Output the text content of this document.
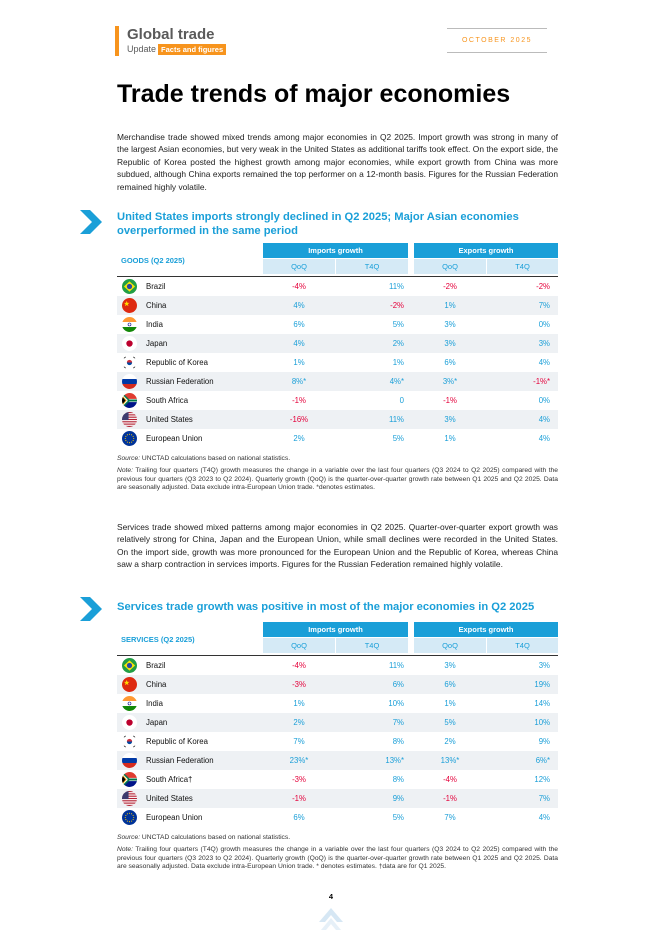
Global trade
Update Facts and figures
OCTOBER 2025
Trade trends of major economies

Merchandise trade showed mixed trends among major economies in Q2 2025. Import growth was strong in many of the largest Asian economies, but very weak in the United States as additional tariffs took effect. On the export side, the Republic of Korea posted the highest growth among major economies, while export growth from China was more subdued, although China exports remained the top performer on a 12-month basis. Figures for the Russian Federation remained highly volatile.

United States imports strongly declined in Q2 2025; Major Asian economies overperformed in the same period
GOODS (Q2 2025)
Imports growth	Exports growth
QoQ	T4Q	QoQ	T4Q
Brazil	-4%	11%	-2%	-2%
China	4%	-2%	1%	7%
India	6%	5%	3%	0%
Japan	4%	2%	3%	3%
Republic of Korea	1%	1%	6%	4%
Russian Federation	8%*	4%*	3%*	-1%*
South Africa	-1%	0	-1%	0%
United States	-16%	11%	3%	4%
European Union	2%	5%	1%	4%
Source: UNCTAD calculations based on national statistics.
Note: Trailing four quarters (T4Q) growth measures the change in a variable over the last four quarters (Q3 2024 to Q2 2025) compared with the previous four quarters (Q3 2023 to Q2 2024). Quarterly growth (QoQ) is the quarter-over-quarter growth rate between Q1 2025 and Q2 2025. Data are seasonally adjusted. Data exclude intra-European Union trade. *denotes estimates.

Services trade showed mixed patterns among major economies in Q2 2025. Quarter-over-quarter export growth was relatively strong for China, Japan and the European Union, while small declines were recorded in the United States. On the import side, growth was more pronounced for the European Union and the Republic of Korea, whereas China saw a sharp contraction in services imports. Figures for the Russian Federation remained highly volatile.

Services trade growth was positive in most of the major economies in Q2 2025
SERVICES (Q2 2025)
Imports growth	Exports growth
QoQ	T4Q	QoQ	T4Q
Brazil	-4%	11%	3%	3%
China	-3%	6%	6%	19%
India	1%	10%	1%	14%
Japan	2%	7%	5%	10%
Republic of Korea	7%	8%	2%	9%
Russian Federation	23%*	13%*	13%*	6%*
South Africa†	-3%	8%	-4%	12%
United States	-1%	9%	-1%	7%
European Union	6%	5%	7%	4%
Source: UNCTAD calculations based on national statistics.
Note: Trailing four quarters (T4Q) growth measures the change in a variable over the last four quarters (Q3 2024 to Q2 2025) compared with the previous four quarters (Q3 2023 to Q2 2024). Quarterly growth (QoQ) is the quarter-over-quarter growth rate between Q1 2025 and Q2 2025. Data are seasonally adjusted. Data exclude intra-European Union trade. * denotes estimates. †data are for Q1 2025.
4
